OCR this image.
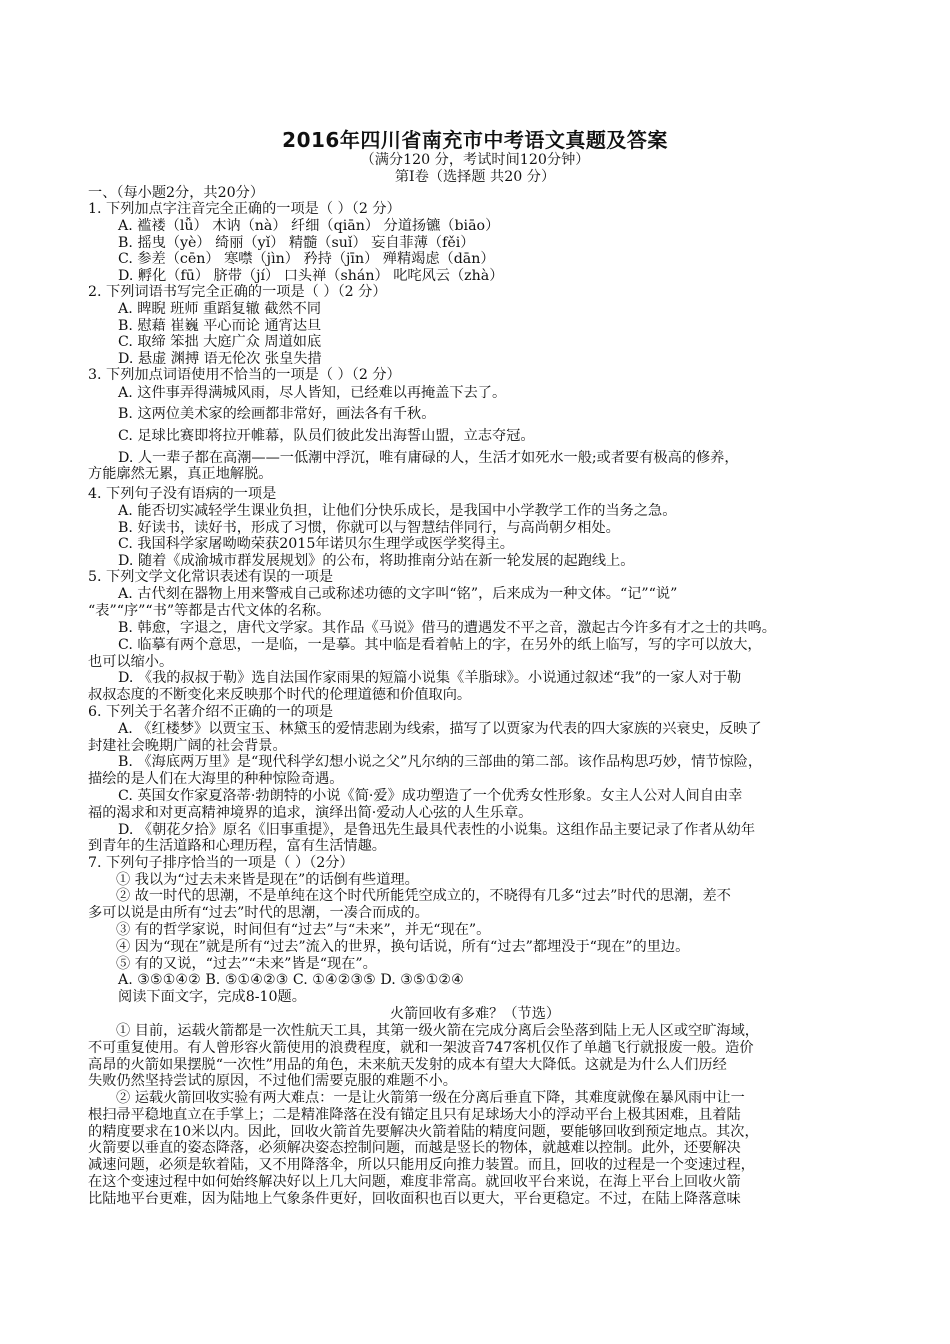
2016年四川省南充市中考语文真题及答案
（满分120 分，考试时间120分钟）
第Ⅰ卷（选择题 共20 分）
一、（每小题2分，共20分）
1. 下列加点字注音完全正确的一项是（ ）（2 分）
A. 褴褛（lǚ） 木讷（nà） 纤细（qiān） 分道扬镳（biāo）
B. 摇曳（yè） 绮丽（yǐ） 精髓（suǐ） 妄自菲薄（fěi）
C. 参差（cēn） 寒噤（jìn） 矜持（jīn） 殚精竭虑（dān）
D. 孵化（fū） 脐带（jí） 口头禅（shán） 叱咤风云（zhà）
2. 下列词语书写完全正确的一项是（ ）（2 分）
A. 睥睨 班师 重蹈复辙 截然不同
B. 慰藉 崔巍 平心而论 通宵达旦
C. 取缔 笨拙 大庭广众 周道如底
D. 悬虚 渊搏 语无伦次 张皇失措
3. 下列加点词语使用不恰当的一项是（ ）（2 分）
A. 这件事弄得满城风雨，尽人皆知，已经难以再掩盖下去了。
B. 这两位美术家的绘画都非常好，画法各有千秋。
C. 足球比赛即将拉开帷幕，队员们彼此发出海誓山盟，立志夺冠。
D. 人一辈子都在高潮——一低潮中浮沉，唯有庸碌的人，生活才如死水一般;或者要有极高的修养，
方能廓然无累，真正地解脱。
4. 下列句子没有语病的一项是
A. 能否切实减轻学生课业负担，让他们分快乐成长，是我国中小学教学工作的当务之急。
B. 好读书，读好书，形成了习惯，你就可以与智慧结伴同行，与高尚朝夕相处。
C. 我国科学家屠呦呦荣获2015年诺贝尔生理学或医学奖得主。
D. 随着《成渝城市群发展规划》的公布，将助推南分站在新一轮发展的起跑线上。
5. 下列文学文化常识表述有误的一项是
A. 古代刻在器物上用来警戒自己或称述功德的文字叫“铭”，后来成为一种文体。“记”“说”
“表”“序”“书”等都是古代文体的名称。
B. 韩愈，字退之，唐代文学家。其作品《马说》借马的遭遇发不平之音，激起古今许多有才之士的共鸣。
C. 临摹有两个意思，一是临，一是摹。其中临是看着帖上的字，在另外的纸上临写，写的字可以放大，
也可以缩小。
D. 《我的叔叔于勒》选自法国作家雨果的短篇小说集《羊脂球》。小说通过叙述“我”的一家人对于勒
叔叔态度的不断变化来反映那个时代的伦理道德和价值取向。
6. 下列关于名著介绍不正确的一的项是
A. 《红楼梦》以贾宝玉、林黛玉的爱情悲剧为线索，描写了以贾家为代表的四大家族的兴衰史，反映了
封建社会晚期广阔的社会背景。
B. 《海底两万里》是“现代科学幻想小说之父”凡尔纳的三部曲的第二部。该作品构思巧妙，情节惊险，
描绘的是人们在大海里的种种惊险奇遇。
C. 英国女作家夏洛蒂·勃朗特的小说《简·爱》成功塑造了一个优秀女性形象。女主人公对人间自由幸
福的渴求和对更高精神境界的追求，演绎出简·爱动人心弦的人生乐章。
D. 《朝花夕拾》原名《旧事重提》，是鲁迅先生最具代表性的小说集。这组作品主要记录了作者从幼年
到青年的生活道路和心理历程，富有生活情趣。
7. 下列句子排序恰当的一项是（ ）（2分）
① 我以为“过去未来皆是现在”的话倒有些道理。
② 故一时代的思潮，不是单纯在这个时代所能凭空成立的，不晓得有几多“过去”时代的思潮，差不
多可以说是由所有“过去”时代的思潮，一凑合而成的。
③ 有的哲学家说，时间但有“过去”与“未来”，并无“现在”。
④ 因为“现在”就是所有“过去”流入的世界，换句话说，所有“过去”都埋没于“现在”的里边。
⑤ 有的又说，“过去”“未来”皆是“现在”。
A. ③⑤①④② B. ⑤①④②③ C. ①④②③⑤ D. ③⑤①②④
阅读下面文字，完成8-10题。
火箭回收有多难？（节选）
① 目前，运载火箭都是一次性航天工具，其第一级火箭在完成分离后会坠落到陆上无人区或空旷海域，
不可重复使用。有人曾形容火箭使用的浪费程度，就和一架波音747客机仅作了单趟飞行就报废一般。造价
高昂的火箭如果摆脱“一次性”用品的角色，未来航天发射的成本有望大大降低。这就是为什么人们历经
失败仍然坚持尝试的原因，不过他们需要克服的难题不小。
② 运载火箭回收实验有两大难点：一是让火箭第一级在分离后垂直下降，其难度就像在暴风雨中让一
根扫帚平稳地直立在手掌上；二是精准降落在没有锚定且只有足球场大小的浮动平台上极其困难，且着陆
的精度要求在10米以内。因此，回收火箭首先要解决火箭着陆的精度问题，要能够回收到预定地点。其次，
火箭要以垂直的姿态降落，必须解决姿态控制问题，而越是竖长的物体，就越难以控制。此外，还要解决
减速问题，必须是软着陆，又不用降落伞，所以只能用反向推力装置。而且，回收的过程是一个变速过程，
在这个变速过程中如何始终解决好以上几大问题，难度非常高。就回收平台来说，在海上平台上回收火箭
比陆地平台更难，因为陆地上气象条件更好，回收面积也百以更大，平台更稳定。不过，在陆上降落意味
